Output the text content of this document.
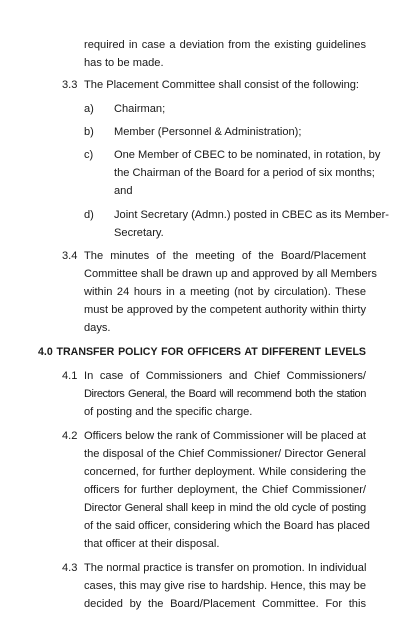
required in case a deviation from the existing guidelines
has to be made.
3.3 The Placement Committee shall consist of the following:
a) Chairman;
b) Member (Personnel & Administration);
c) One Member of CBEC to be nominated, in rotation, by
the Chairman of the Board for a period of six months;
and
d) Joint Secretary (Admn.) posted in CBEC as its Member-
Secretary.
3.4 The minutes of the meeting of the Board/Placement
Committee shall be drawn up and approved by all Members
within 24 hours in a meeting (not by circulation). These
must be approved by the competent authority within thirty
days.
4.0 TRANSFER POLICY FOR OFFICERS AT DIFFERENT LEVELS
4.1 In case of Commissioners and Chief Commissioners/
Directors General, the Board will recommend both the station
of posting and the specific charge.
4.2 Officers below the rank of Commissioner will be placed at
the disposal of the Chief Commissioner/ Director General
concerned, for further deployment. While considering the
officers for further deployment, the Chief Commissioner/
Director General shall keep in mind the old cycle of posting
of the said officer, considering which the Board has placed
that officer at their disposal.
4.3 The normal practice is transfer on promotion. In individual
cases, this may give rise to hardship. Hence, this may be
decided by the Board/Placement Committee. For this
